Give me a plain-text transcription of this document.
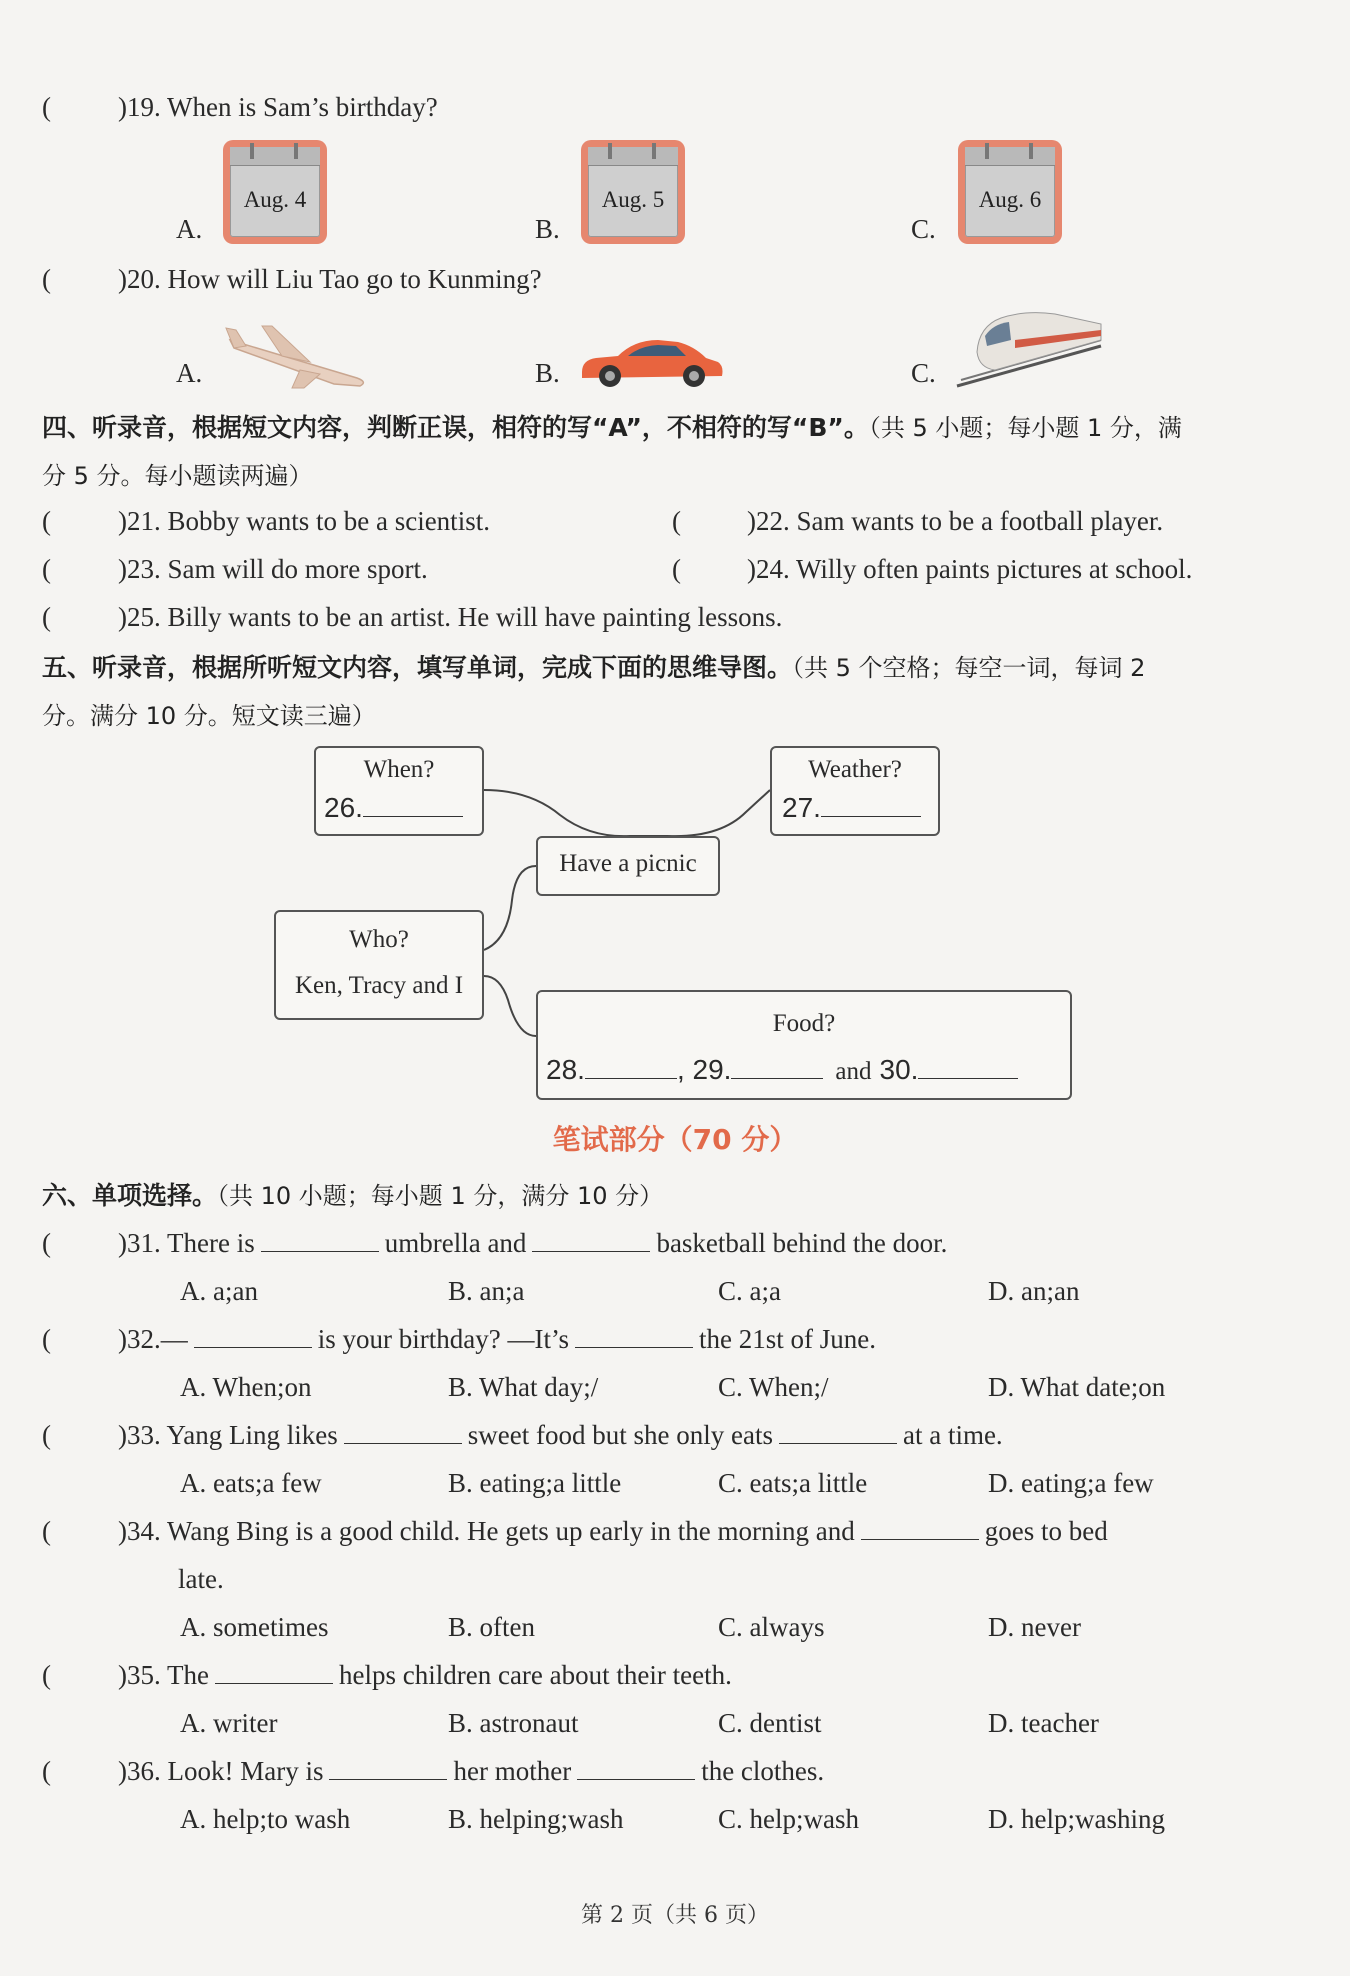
( )19. When is Sam’s birthday?
A.
Aug. 4
B.
Aug. 5
C.
Aug. 6
( )20. How will Liu Tao go to Kunming?
A.	B.	C.
四、听录音，根据短文内容，判断正误，相符的写“A”，不相符的写“B”。（共 5 小题；每小题 1 分，满
分 5 分。每小题读两遍）
( )21. Bobby wants to be a scientist.	( )22. Sam wants to be a football player.
( )23. Sam will do more sport.	( )24. Willy often paints pictures at school.
( )25. Billy wants to be an artist. He will have painting lessons.
五、听录音，根据所听短文内容，填写单词，完成下面的思维导图。（共 5 个空格；每空一词，每词 2
分。满分 10 分。短文读三遍）
When?
26.
Weather?
27.
Have a picnic
Who?
Ken, Tracy and I
Food?
28.	, 29.	and 30.
笔试部分（70 分）
六、单项选择。（共 10 小题；每小题 1 分，满分 10 分）
( )31. There is	umbrella and	basketball behind the door.
A. a;an	B. an;a	C. a;a	D. an;an
( )32.—	is your birthday? —It’s	the 21st of June.
A. When;on	B. What day;/	C. When;/	D. What date;on
( )33. Yang Ling likes	sweet food but she only eats	at a time.
A. eats;a few	B. eating;a little	C. eats;a little	D. eating;a few
( )34. Wang Bing is a good child. He gets up early in the morning and	goes to bed
late.
A. sometimes	B. often	C. always	D. never
( )35. The	helps children care about their teeth.
A. writer	B. astronaut	C. dentist	D. teacher
( )36. Look! Mary is	her mother	the clothes.
A. help;to wash	B. helping;wash	C. help;wash	D. help;washing
第 2 页（共 6 页）
